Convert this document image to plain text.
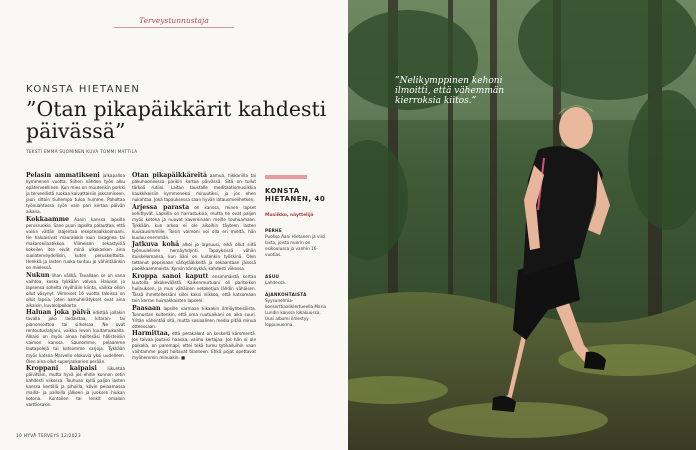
Terveystunnustaja
KONSTA HIETANEN
”Otan pikapäikkärit kahdesti päivässä”
TEKSTI EMMA SUOMINEN KUVA TOMMI MATTILA

Pelasin ammatikseni jalkapalloa kymmenen vuotta. Siihen nähden työn alku epäterveellinen. Kun mies on muutenkin porkki ja terveellistä ruokaa kaivattaisiin jaksamiseen, jauri siltoin tiuhempa tuloa humme. Paholtaa työnuahtossa syön vain pari kertaa päivän aikana.

Kokkaamme Aanin kanssa lapsille perusruokia. Sane puori lapsilta palauttaa, että voisin vältän laajentaa resepteaalkkoimaani. He haluaisivat mauralokin kuin lasagnea tai makaronilaatikkoa. Viimeisen sekastyisiä kokeilen itse eivät minä ulkokasken aina suolaterveydellisin, kuten peruskeittoita. Henkkä ja lasten ruoka tuntuu jo vähintäänkin on mielessä.

Nukun lihan välillä. Tavallaan se on vana vaihtoa, koska tykkään valvoa. Haluisin jo lapsensa sohelta myöhäiin kiinta, vaikka olisin ollut väsynyt. Viimeiset 16 vuotta taloissa on ollut lapsia, joten aamuherätykset ovat aina aikaisin, kuvalolpoikarta.

Haluan joka päivä edistää jollakin tavalla joko laidaistaa, kitaran- tai pianonsoittoa tai sirkelsaa. Ne ovat rentoutuslahjani, vaikka levon kuutamukoalla. Alkaisi on myös ainoa heiltesäsi hälisteisiin vaimon kanssa. Saunomme, pelaamme lautapelejä tai katsomme sarjoja. Tykkään myös katsoa Marvelin elokuvia yksi uudelleen. Olen aina ollut superjankarien perään.

Kroppani kaipaisi liikuntaa päivittäin, mutta hyvä jos ehdin kunnon setin kahdesti viikossa. Touhuan kyllä paljon lasten kanssa kentillä ja pihoilla, kävin pelaamassa mailla- ja palloilla jälkeen ja juoksen hiukan kotona. Kuntoilen tai lenkit omalain varttiosakin.

Otan pikapäikkäreitä aamua, hikkariilla tai pakuhuoneessa parikin kertaa päivässä. Sitä on tullut tärkeä rutiini. Laitan taustalle meditaatiomusiikkia kaukkikeisiin kymmeneksi minuutiksi, ja jos ehen nukahtaa. Joka tapauksessa saan hyvän latausmielihetken.

Arjessa parasta on kanssa, minen lapset kehittyvät. Lapsilla on harrastuksia, mutta he ovat paljon myös kotona ja nuovat kavereinaan meille touhuamaan. Tykkään, kun arkea ei ole aikoihin täyteen lasten kuukausimmille. Toisin vaimoni voi olla eri mieltä, hän kuuluu enemmän.

Jatkuva kohä alkoi jo lapsuusi, eikä ollut siitä työnuulelinen hernäyhdynti. Tapayksissä vähän ituiskelemansa, kun ääni on kuitenkin työskinä. Olen tottanut popsinaan särkylääkkeitä ja sekaantaan jäisssä paoikkaammoista. Kynsin kännykkä, kahdesti viikossa.

Kroppa sanoi kaputt ensimmäistä kertaa kuutolla alkukeväästä. Kaikenmurtuani oli paritoikon huilauksen, ja mun vähäinen vetoketjua lähdin vähäisen. Tässä ihmetellessäni siilei kaksi viikkoa, että katsomaan tein kerran huimakkaisten lapseni.

Paasaan lapsille varmaan liikaakin ilmiöyhteisöista. Tunnustan kuitenkin, että oma ruutuaikani on aika suuri. Yritän vähentää sitä, mutta sosiaalinen media pitää minua otteessaan.

Harmittaa, että perakalont on keskellä kämmentä. Jos taivaa joutaisi haasaa, vaimo kertajaa. Jos hän ei ole paikalla, on paremapi, ettei tekä turnu tytikailuihin vaan vaihtamme pojat hoitavat tilanteen. Ehkä pojat opettavat myöhemmin minuakin. ■

KONSTA HIETANEN, 40
Musiikko, näyttelijä
PERHE
Puoliso Aani Hietanen ja viisi lasta, joista nuorin on esikoulussa ja vanhin 16-vuotias.
ASUU
Lahdessa.
AJANKOHTAISTA
Syysunelmia-konserttiaalikiertueella Maria Lundin kanssa lokakuussa. Uusi albumi ilmestyy loppuvuonna.
10 HYVÄ TERVEYS 12/2023
”Nelikymppinen kehoni ilmoitti, että vähemmän kierroksia kiitos.”
